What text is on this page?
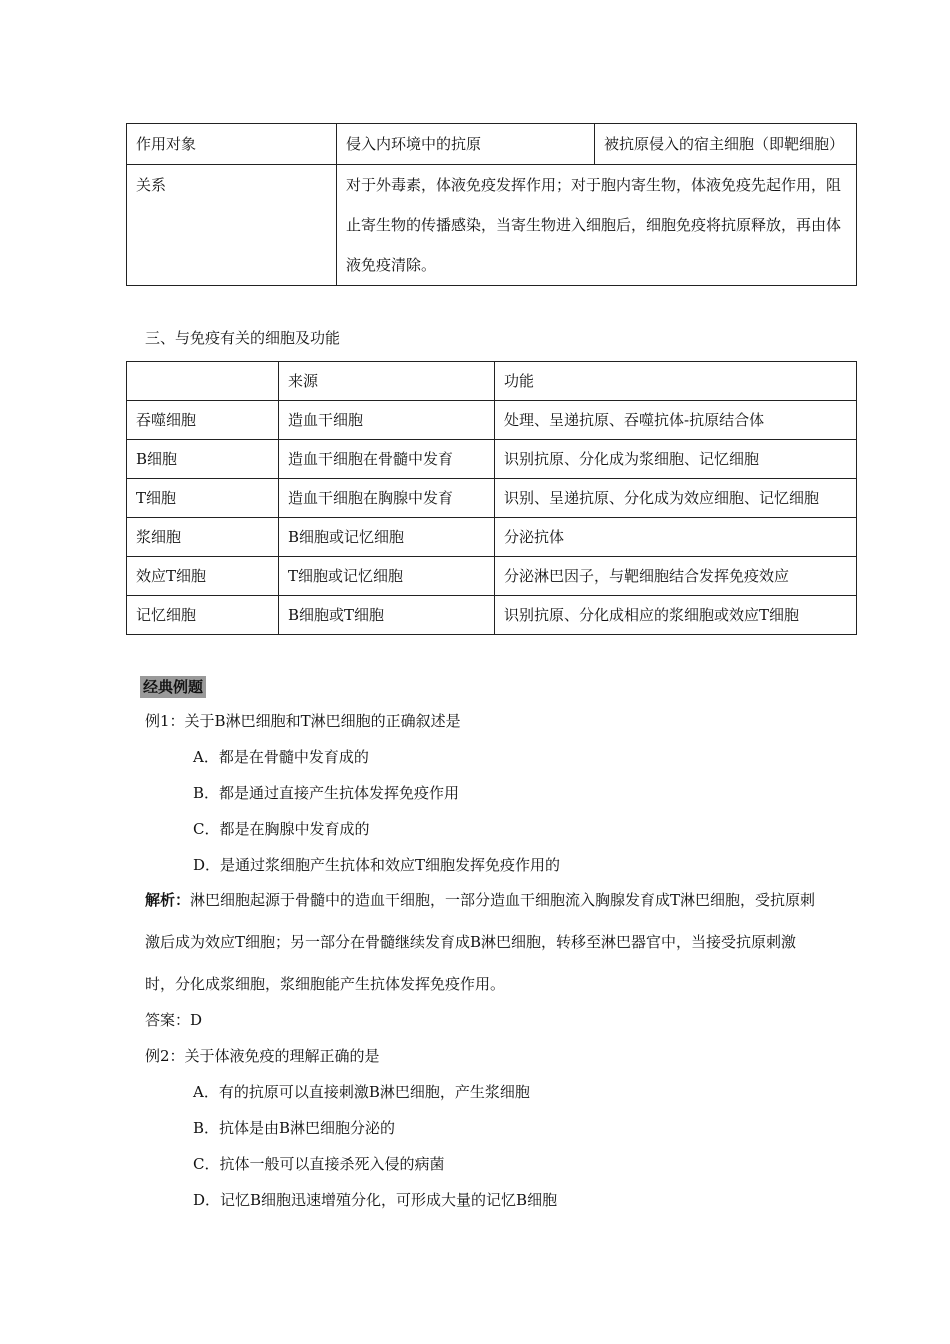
作用对象	侵入内环境中的抗原	被抗原侵入的宿主细胞（即靶细胞）
关系	对于外毒素，体液免疫发挥作用；对于胞内寄生物，体液免疫先起作用，阻止寄生物的传播感染，当寄生物进入细胞后，细胞免疫将抗原释放，再由体液免疫清除。	
三、与免疫有关的细胞及功能
	来源	功能
吞噬细胞	造血干细胞	处理、呈递抗原、吞噬抗体-抗原结合体
B细胞	造血干细胞在骨髓中发育	识别抗原、分化成为浆细胞、记忆细胞
T细胞	造血干细胞在胸腺中发育	识别、呈递抗原、分化成为效应细胞、记忆细胞
浆细胞	B细胞或记忆细胞	分泌抗体
效应T细胞	T细胞或记忆细胞	分泌淋巴因子，与靶细胞结合发挥免疫效应
记忆细胞	B细胞或T细胞	识别抗原、分化成相应的浆细胞或效应T细胞
经典例题
例1：关于B淋巴细胞和T淋巴细胞的正确叙述是
A．都是在骨髓中发育成的
B．都是通过直接产生抗体发挥免疫作用
C．都是在胸腺中发育成的
D．是通过浆细胞产生抗体和效应T细胞发挥免疫作用的
解析：淋巴细胞起源于骨髓中的造血干细胞，一部分造血干细胞流入胸腺发育成T淋巴细胞，受抗原刺激后成为效应T细胞；另一部分在骨髓继续发育成B淋巴细胞，转移至淋巴器官中，当接受抗原刺激时，分化成浆细胞，浆细胞能产生抗体发挥免疫作用。
答案：D
例2：关于体液免疫的理解正确的是
A．有的抗原可以直接刺激B淋巴细胞，产生浆细胞
B．抗体是由B淋巴细胞分泌的
C．抗体一般可以直接杀死入侵的病菌
D．记忆B细胞迅速增殖分化，可形成大量的记忆B细胞
